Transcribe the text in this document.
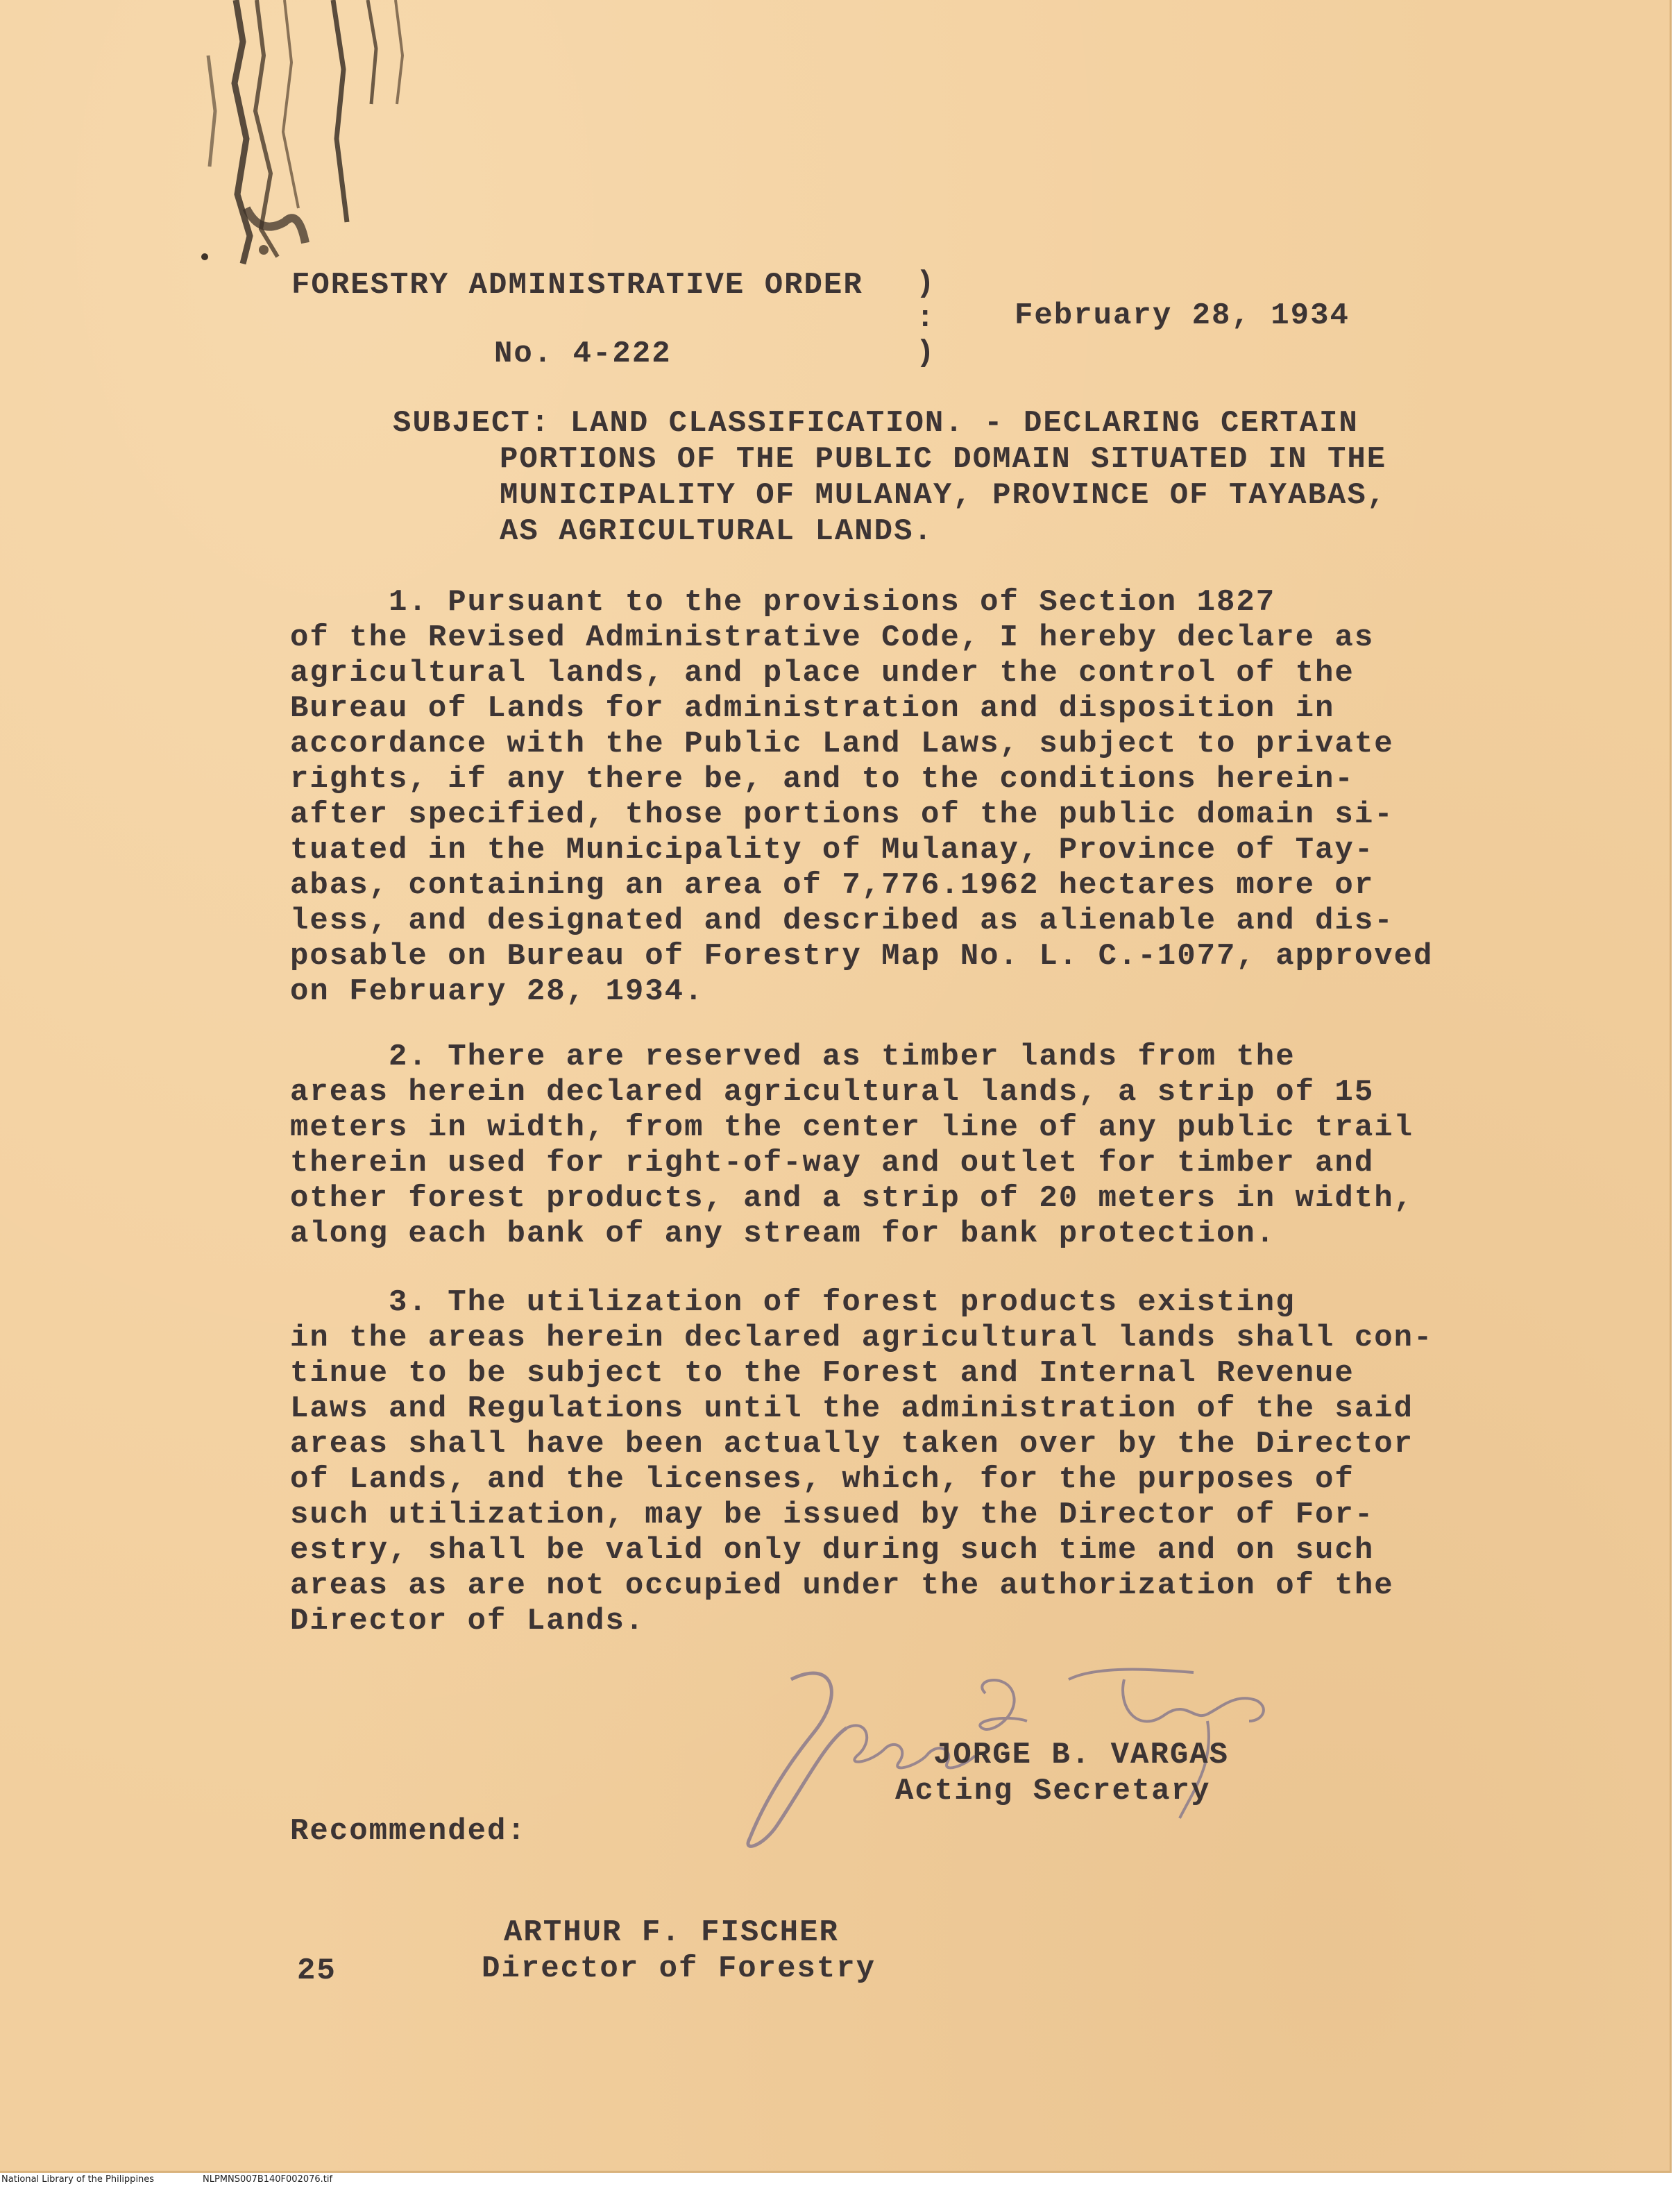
FORESTRY ADMINISTRATIVE ORDER )
:
)
February 28, 1934
No. 4-222
SUBJECT: LAND CLASSIFICATION. - DECLARING CERTAIN
PORTIONS OF THE PUBLIC DOMAIN SITUATED IN THE
MUNICIPALITY OF MULANAY, PROVINCE OF TAYABAS,
AS AGRICULTURAL LANDS.
1. Pursuant to the provisions of Section 1827
of the Revised Administrative Code, I hereby declare as
agricultural lands, and place under the control of the
Bureau of Lands for administration and disposition in
accordance with the Public Land Laws, subject to private
rights, if any there be, and to the conditions herein-
after specified, those portions of the public domain si-
tuated in the Municipality of Mulanay, Province of Tay-
abas, containing an area of 7,776.1962 hectares more or
less, and designated and described as alienable and dis-
posable on Bureau of Forestry Map No. L. C.-1077, approved
on February 28, 1934.
2. There are reserved as timber lands from the
areas herein declared agricultural lands, a strip of 15
meters in width, from the center line of any public trail
therein used for right-of-way and outlet for timber and
other forest products, and a strip of 20 meters in width,
along each bank of any stream for bank protection.
3. The utilization of forest products existing
in the areas herein declared agricultural lands shall con-
tinue to be subject to the Forest and Internal Revenue
Laws and Regulations until the administration of the said
areas shall have been actually taken over by the Director
of Lands, and the licenses, which, for the purposes of
such utilization, may be issued by the Director of For-
estry, shall be valid only during such time and on such
areas as are not occupied under the authorization of the
Director of Lands.
JORGE B. VARGAS
Acting Secretary
Recommended:
ARTHUR F. FISCHER
25	Director of Forestry
National Library of the Philippines	NLPMNS007B140F002076.tif
